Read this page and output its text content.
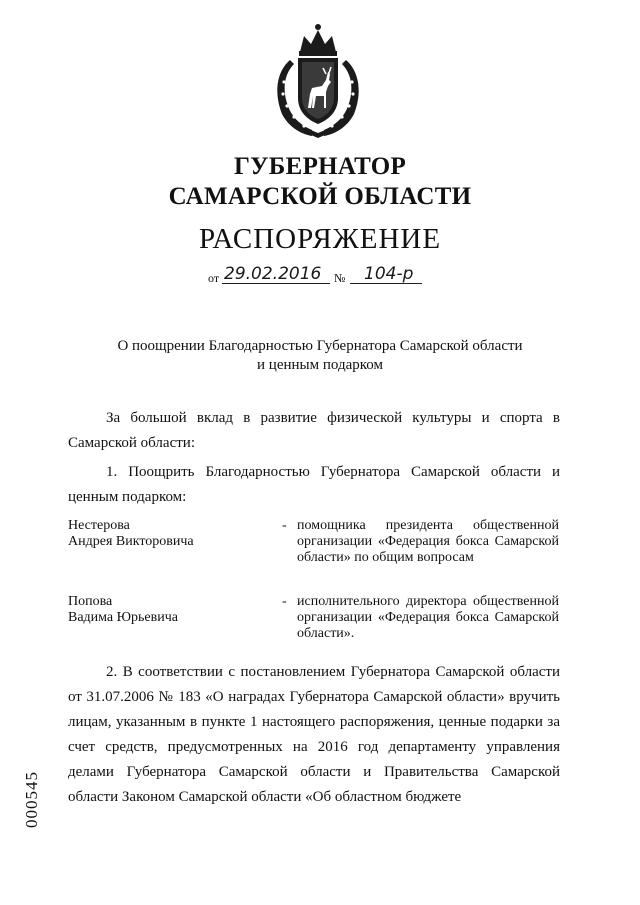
ГУБЕРНАТОР
САМАРСКОЙ ОБЛАСТИ
РАСПОРЯЖЕНИЕ
от 29.02.2016 № 104-р
О поощрении Благодарностью Губернатора Самарской области
и ценным подарком
За большой вклад в развитие физической культуры и спорта в Самарской области:
1. Поощрить Благодарностью Губернатора Самарской области и ценным подарком:
Нестерова
Андрея Викторовича
- помощника президента общественной организации «Федерация бокса Самарской области» по общим вопросам
Попова
Вадима Юрьевича
- исполнительного директора общественной организации «Федерация бокса Самарской области».
2. В соответствии с постановлением Губернатора Самарской области от 31.07.2006 № 183 «О наградах Губернатора Самарской области» вручить лицам, указанным в пункте 1 настоящего распоряжения, ценные подарки за счет средств, предусмотренных на 2016 год департаменту управления делами Губернатора Самарской области и Правительства Самарской области Законом Самарской области «Об областном бюджете
000545
